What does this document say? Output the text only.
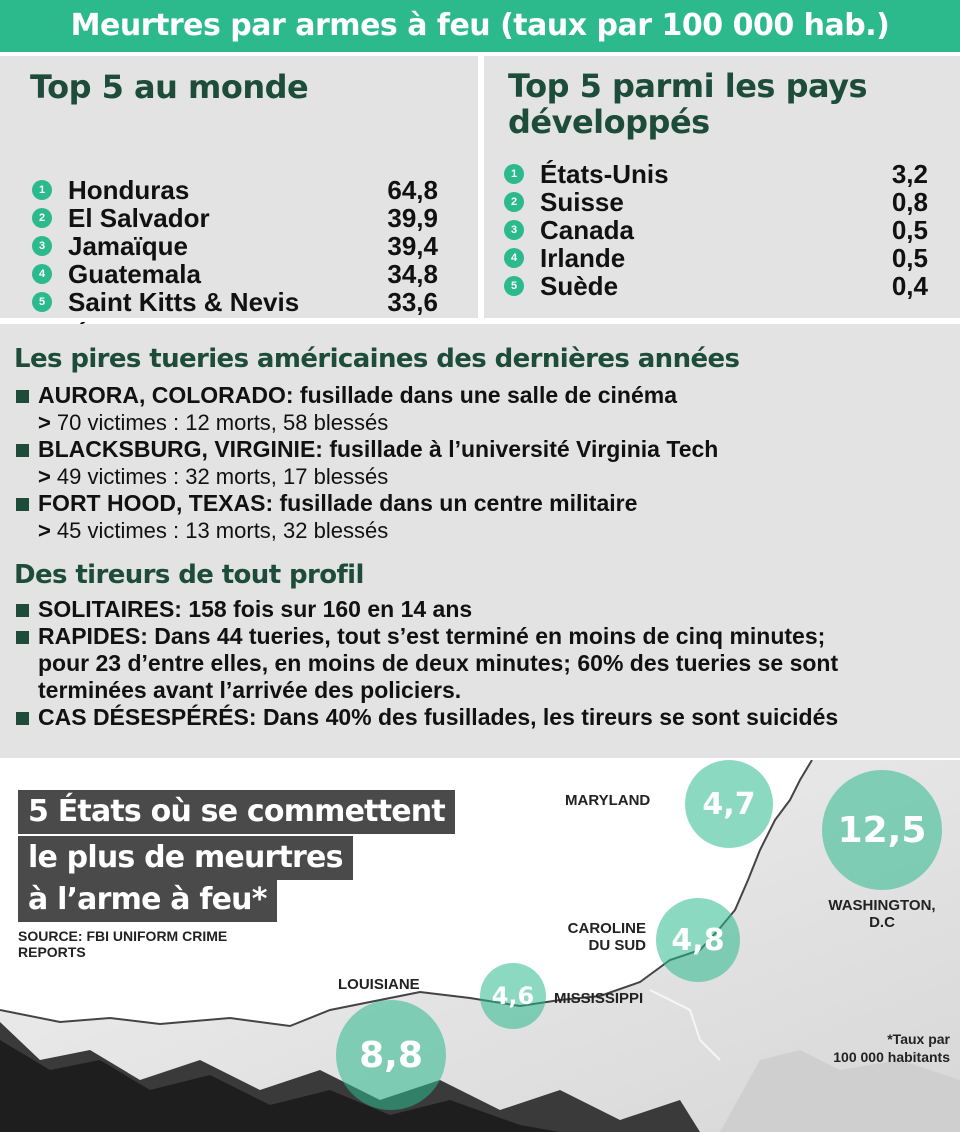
Meurtres par armes à feu (taux par 100 000 hab.)
Top 5 au monde
1 Honduras	64,8
2 El Salvador	39,9
3 Jamaïque	39,4
4 Guatemala	34,8
5 Saint Kitts & Nevis	33,6
Top 5 parmi les pays développés
1 États-Unis	3,2
2 Suisse	0,8
3 Canada	0,5
4 Irlande	0,5
5 Suède	0,4
Les pires tueries américaines des dernières années
AURORA, COLORADO: fusillade dans une salle de cinéma
> 70 victimes : 12 morts, 58 blessés
BLACKSBURG, VIRGINIE: fusillade à l’université Virginia Tech
> 49 victimes : 32 morts, 17 blessés
FORT HOOD, TEXAS: fusillade dans un centre militaire
> 45 victimes : 13 morts, 32 blessés
Des tireurs de tout profil
SOLITAIRES: 158 fois sur 160 en 14 ans
RAPIDES: Dans 44 tueries, tout s’est terminé en moins de cinq minutes;
pour 23 d’entre elles, en moins de deux minutes; 60% des tueries se sont
terminées avant l’arrivée des policiers.
CAS DÉSESPÉRÉS: Dans 40% des fusillades, les tireurs se sont suicidés
5 États où se commettent
le plus de meurtres
à l’arme à feu*
SOURCE: FBI UNIFORM CRIME REPORTS
MARYLAND	4,7
12,5
WASHINGTON,
D.C
CAROLINE
DU SUD 4,8
4,6	MISSISSIPPI
LOUISIANE
8,8	*Taux par
100 000 habitants
